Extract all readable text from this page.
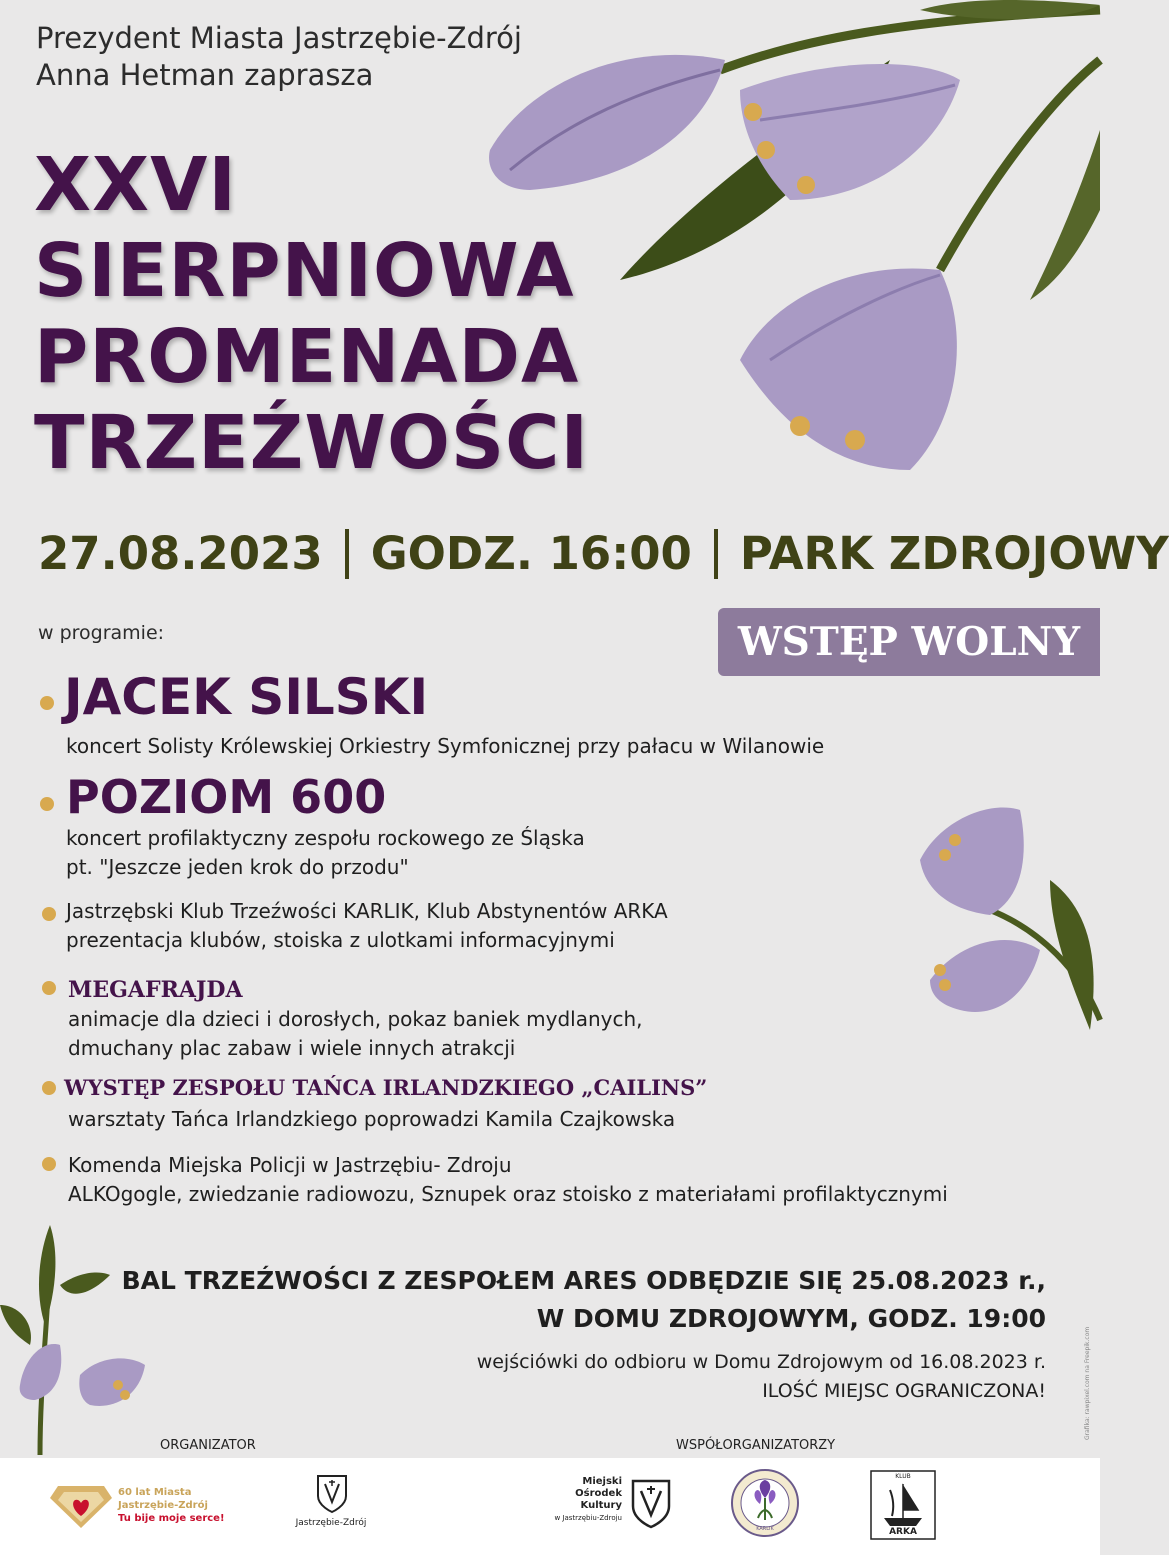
Prezydent Miasta Jastrzębie-Zdrój
Anna Hetman zaprasza
XXVI
SIERPNIOWA
PROMENADA
TRZEŹWOŚCI
27.08.2023 GODZ. 16:00 PARK ZDROJOWY
WSTĘP WOLNY
w programie:
JACEK SILSKI
koncert Solisty Królewskiej Orkiestry Symfonicznej przy pałacu w Wilanowie
POZIOM 600
koncert profilaktyczny zespołu rockowego ze Śląska
pt. "Jeszcze jeden krok do przodu"
Jastrzębski Klub Trzeźwości KARLIK, Klub Abstynentów ARKA
prezentacja klubów, stoiska z ulotkami informacyjnymi
MEGAFRAJDA
animacje dla dzieci i dorosłych, pokaz baniek mydlanych,
dmuchany plac zabaw i wiele innych atrakcji
WYSTĘP ZESPOŁU TAŃCA IRLANDZKIEGO „CAILINS”
warsztaty Tańca Irlandzkiego poprowadzi Kamila Czajkowska
Komenda Miejska Policji w Jastrzębiu- Zdroju
ALKOgogle, zwiedzanie radiowozu, Sznupek oraz stoisko z materiałami profilaktycznymi
BAL TRZEŹWOŚCI Z ZESPOŁEM ARES ODBĘDZIE SIĘ 25.08.2023 r.,
W DOMU ZDROJOWYM, GODZ. 19:00
wejściówki do odbioru w Domu Zdrojowym od 16.08.2023 r.
ILOŚĆ MIEJSC OGRANICZONA!	Grafika: rawpixel.com na Freepik.com
ORGANIZATOR	WSPÓŁORGANIZATORZY
60 lat Miasta
Jastrzębie-Zdrój
Tu bije moje serce!	Jastrzębie-Zdrój
Miejski
Ośrodek
Kultury
w Jastrzębiu-Zdroju
KARLIK
KLUB
ARKA
